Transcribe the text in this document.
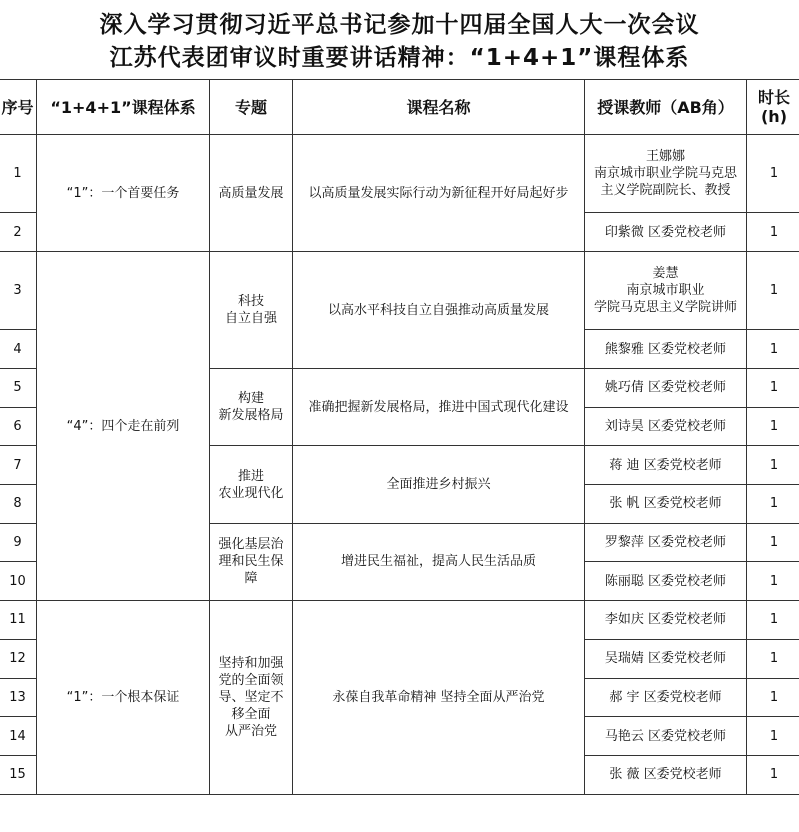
深入学习贯彻习近平总书记参加十四届全国人大一次会议
江苏代表团审议时重要讲话精神：“1+4+1”课程体系
序号	“1+4+1”课程体系	专题	课程名称	授课教师（AB角）	时长
(h)
1	“1”：一个首要任务	高质量发展	以高质量发展实际行动为新征程开好局起好步	王娜娜
南京城市职业学院马克思
主义学院副院长、教授	1
2				印紫微 区委党校老师	1
3	“4”：四个走在前列	科技
自立自强	以高水平科技自立自强推动高质量发展	姜慧
南京城市职业
学院马克思主义学院讲师	1
4				熊黎雅 区委党校老师	1
5		构建
新发展格局	准确把握新发展格局，推进中国式现代化建设	姚巧倩 区委党校老师	1
6				刘诗昊 区委党校老师	1
7		推进
农业现代化	全面推进乡村振兴	蒋 迪 区委党校老师	1
8				张 帆 区委党校老师	1
9		强化基层治
理和民生保
障	增进民生福祉，提高人民生活品质	罗黎萍 区委党校老师	1
10				陈丽聪 区委党校老师	1
11	“1”：一个根本保证	坚持和加强
党的全面领
导、坚定不
移全面
从严治党	永葆自我革命精神 坚持全面从严治党	李如庆 区委党校老师	1
12				吴瑞婧 区委党校老师	1
13				郝 宇 区委党校老师	1
14				马艳云 区委党校老师	1
15				张 薇 区委党校老师	1
